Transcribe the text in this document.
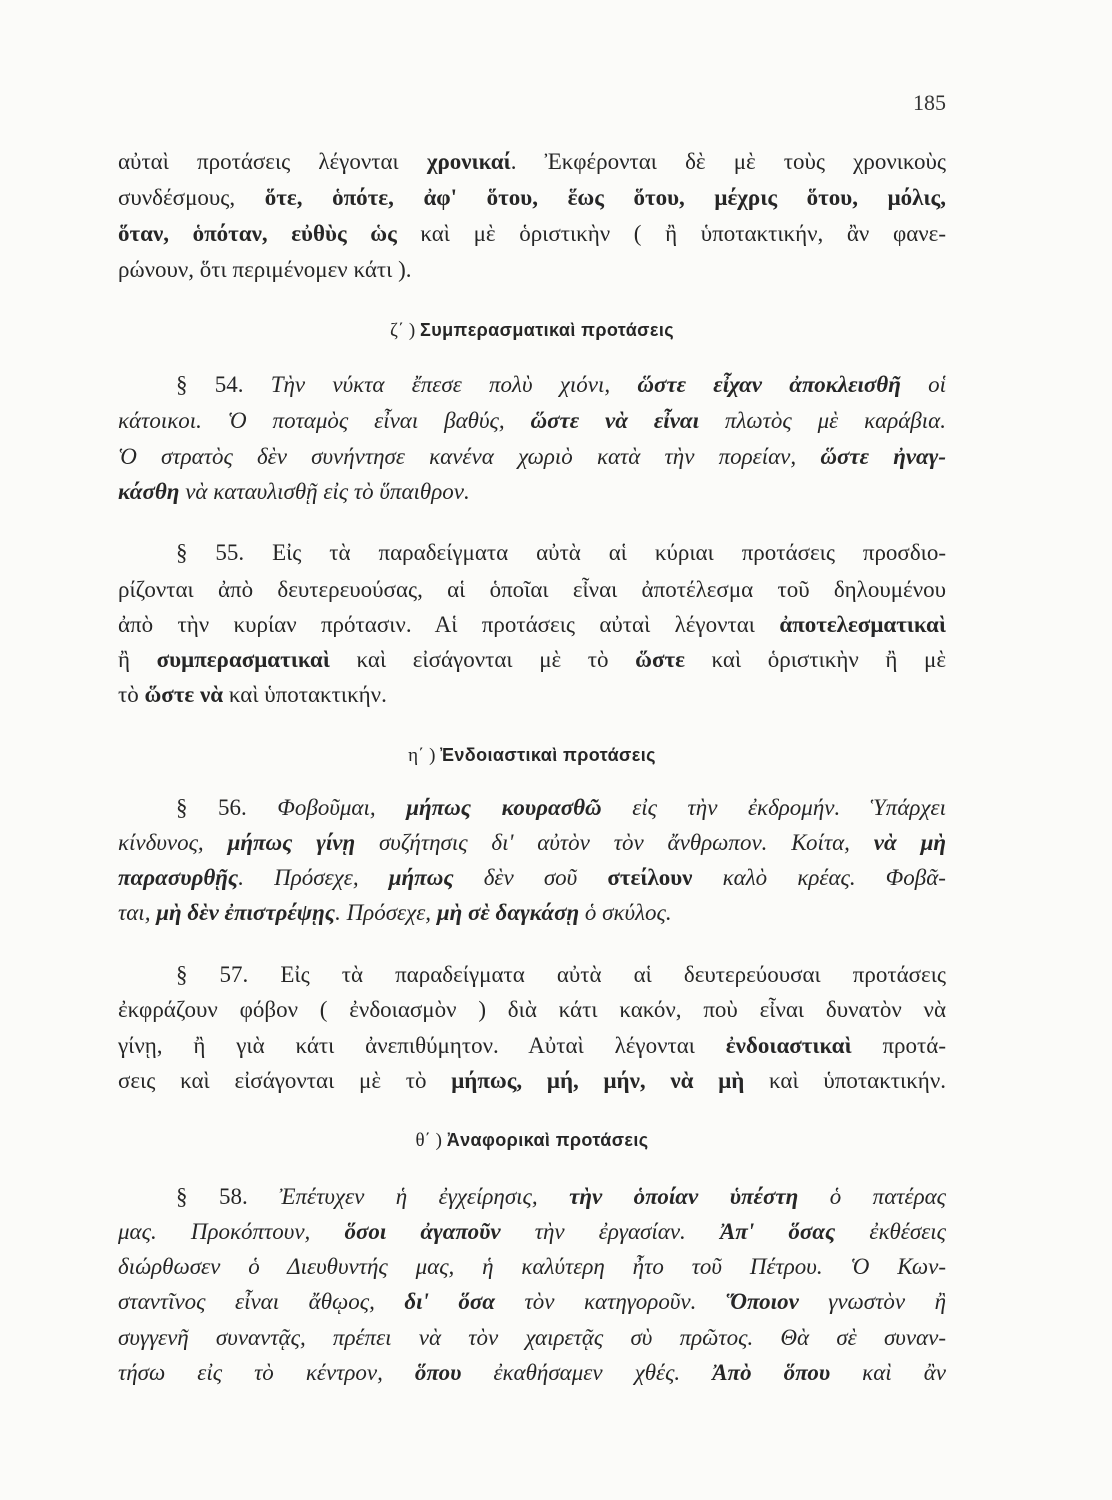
185
αὐταὶ προτάσεις λέγονται χρονικαί. Ἐκφέρονται δὲ μὲ τοὺς χρονικοὺς
συνδέσμους, ὅτε, ὁπότε, ἀφ' ὅτου, ἕως ὅτου, μέχρις ὅτου, μόλις,
ὅταν, ὁπόταν, εὐθὺς ὡς καὶ μὲ ὁριστικὴν ( ἢ ὑποτακτικήν, ἂν φανε-
ρώνουν, ὅτι περιμένομεν κάτι ).
ζ΄ ) Συμπερασματικαὶ προτάσεις
§ 54. Τὴν νύκτα ἔπεσε πολὺ χιόνι, ὥστε εἶχαν ἀποκλεισθῆ οἱ
κάτοικοι. Ὁ ποταμὸς εἶναι βαθύς, ὥστε νὰ εἶναι πλωτὸς μὲ καράβια.
Ὁ στρατὸς δὲν συνήντησε κανένα χωριὸ κατὰ τὴν πορείαν, ὥστε ἠναγ-
κάσθη νὰ καταυλισθῇ εἰς τὸ ὕπαιθρον.
§ 55. Εἰς τὰ παραδείγματα αὐτὰ αἱ κύριαι προτάσεις προσδιο-
ρίζονται ἀπὸ δευτερευούσας, αἱ ὁποῖαι εἶναι ἀποτέλεσμα τοῦ δηλουμένου
ἀπὸ τὴν κυρίαν πρότασιν. Αἱ προτάσεις αὐταὶ λέγονται ἀποτελεσματικαὶ
ἢ συμπερασματικαὶ καὶ εἰσάγονται μὲ τὸ ὥστε καὶ ὁριστικὴν ἢ μὲ
τὸ ὥστε νὰ καὶ ὑποτακτικήν.
η΄ ) Ἐνδοιαστικαὶ προτάσεις
§ 56. Φοβοῦμαι, μήπως κουρασθῶ εἰς τὴν ἐκδρομήν. Ὑπάρχει
κίνδυνος, μήπως γίνῃ συζήτησις δι' αὐτὸν τὸν ἄνθρωπον. Κοίτα, νὰ μὴ
παρασυρθῇς. Πρόσεχε, μήπως δὲν σοῦ στείλουν καλὸ κρέας. Φοβᾶ-
ται, μὴ δὲν ἐπιστρέψῃς. Πρόσεχε, μὴ σὲ δαγκάσῃ ὁ σκύλος.
§ 57. Εἰς τὰ παραδείγματα αὐτὰ αἱ δευτερεύουσαι προτάσεις
ἐκφράζουν φόβον ( ἐνδοιασμὸν ) διὰ κάτι κακόν, ποὺ εἶναι δυνατὸν νὰ
γίνῃ, ἢ γιὰ κάτι ἀνεπιθύμητον. Αὐταὶ λέγονται ἐνδοιαστικαὶ προτά-
σεις καὶ εἰσάγονται μὲ τὸ μήπως, μή, μήν, νὰ μὴ καὶ ὑποτακτικήν.
θ΄ ) Ἀναφορικαὶ προτάσεις
§ 58. Ἐπέτυχεν ἡ ἐγχείρησις, τὴν ὁποίαν ὑπέστη ὁ πατέρας
μας. Προκόπτουν, ὅσοι ἀγαποῦν τὴν ἐργασίαν. Ἀπ' ὅσας ἐκθέσεις
διώρθωσεν ὁ Διευθυντής μας, ἡ καλύτερη ἦτο τοῦ Πέτρου. Ὁ Κων-
σταντῖνος εἶναι ἄθῳος, δι' ὅσα τὸν κατηγοροῦν. Ὅποιον γνωστὸν ἢ
συγγενῆ συναντᾷς, πρέπει νὰ τὸν χαιρετᾷς σὺ πρῶτος. Θὰ σὲ συναν-
τήσω εἰς τὸ κέντρον, ὅπου ἐκαθήσαμεν χθές. Ἀπὸ ὅπου καὶ ἂν
